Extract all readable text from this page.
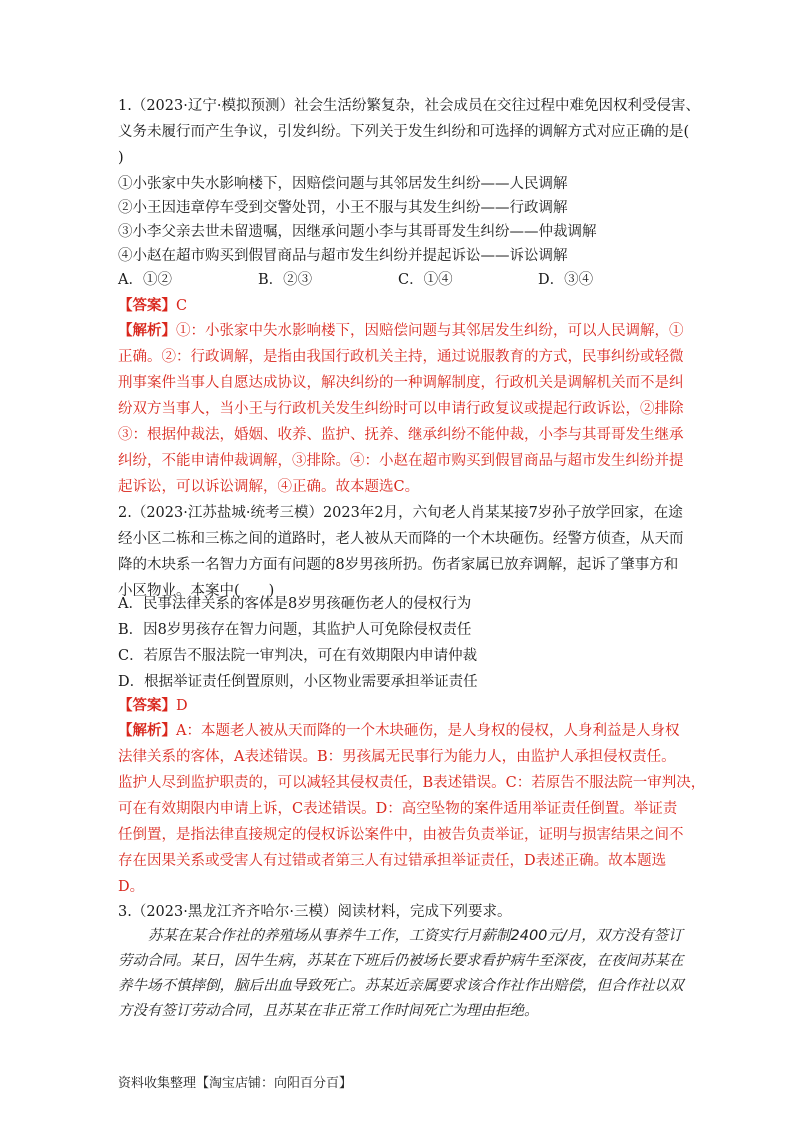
1.（2023·辽宁·模拟预测）社会生活纷繁复杂，社会成员在交往过程中难免因权利受侵害、
义务未履行而产生争议，引发纠纷。下列关于发生纠纷和可选择的调解方式对应正确的是(
)
①小张家中失水影响楼下，因赔偿问题与其邻居发生纠纷——人民调解
②小王因违章停车受到交警处罚，小王不服与其发生纠纷——行政调解
③小李父亲去世未留遗嘱，因继承问题小李与其哥哥发生纠纷——仲裁调解
④小赵在超市购买到假冒商品与超市发生纠纷并提起诉讼——诉讼调解
A．①②	B．②③	C．①④	D．③④
【答案】C
【解析】①：小张家中失水影响楼下，因赔偿问题与其邻居发生纠纷，可以人民调解，①
正确。②：行政调解，是指由我国行政机关主持，通过说服教育的方式，民事纠纷或轻微
刑事案件当事人自愿达成协议，解决纠纷的一种调解制度，行政机关是调解机关而不是纠
纷双方当事人，当小王与行政机关发生纠纷时可以申请行政复议或提起行政诉讼，②排除
③：根据仲裁法，婚姻、收养、监护、抚养、继承纠纷不能仲裁，小李与其哥哥发生继承
纠纷，不能申请仲裁调解，③排除。④：小赵在超市购买到假冒商品与超市发生纠纷并提
起诉讼，可以诉讼调解，④正确。故本题选C。
2.（2023·江苏盐城·统考三模）2023年2月，六旬老人肖某某接7岁孙子放学回家，在途
经小区二栋和三栋之间的道路时，老人被从天而降的一个木块砸伤。经警方侦查，从天而
降的木块系一名智力方面有问题的8岁男孩所扔。伤者家属已放弃调解，起诉了肇事方和
小区物业。本案中(　　)
A．民事法律关系的客体是8岁男孩砸伤老人的侵权行为
B．因8岁男孩存在智力问题，其监护人可免除侵权责任
C．若原告不服法院一审判决，可在有效期限内申请仲裁
D．根据举证责任倒置原则，小区物业需要承担举证责任
【答案】D
【解析】A：本题老人被从天而降的一个木块砸伤，是人身权的侵权，人身利益是人身权
法律关系的客体，A表述错误。B：男孩属无民事行为能力人，由监护人承担侵权责任。
监护人尽到监护职责的，可以减轻其侵权责任，B表述错误。C：若原告不服法院一审判决，
可在有效期限内申请上诉，C表述错误。D：高空坠物的案件适用举证责任倒置。举证责
任倒置，是指法律直接规定的侵权诉讼案件中，由被告负责举证，证明与损害结果之间不
存在因果关系或受害人有过错或者第三人有过错承担举证责任，D表述正确。故本题选
D。
3.（2023·黑龙江齐齐哈尔·三模）阅读材料，完成下列要求。
苏某在某合作社的养殖场从事养牛工作，工资实行月薪制2400元/月，双方没有签订
劳动合同。某日，因牛生病，苏某在下班后仍被场长要求看护病牛至深夜，在夜间苏某在
养牛场不慎摔倒，脑后出血导致死亡。苏某近亲属要求该合作社作出赔偿，但合作社以双
方没有签订劳动合同，且苏某在非正常工作时间死亡为理由拒绝。
资料收集整理【淘宝店铺：向阳百分百】
